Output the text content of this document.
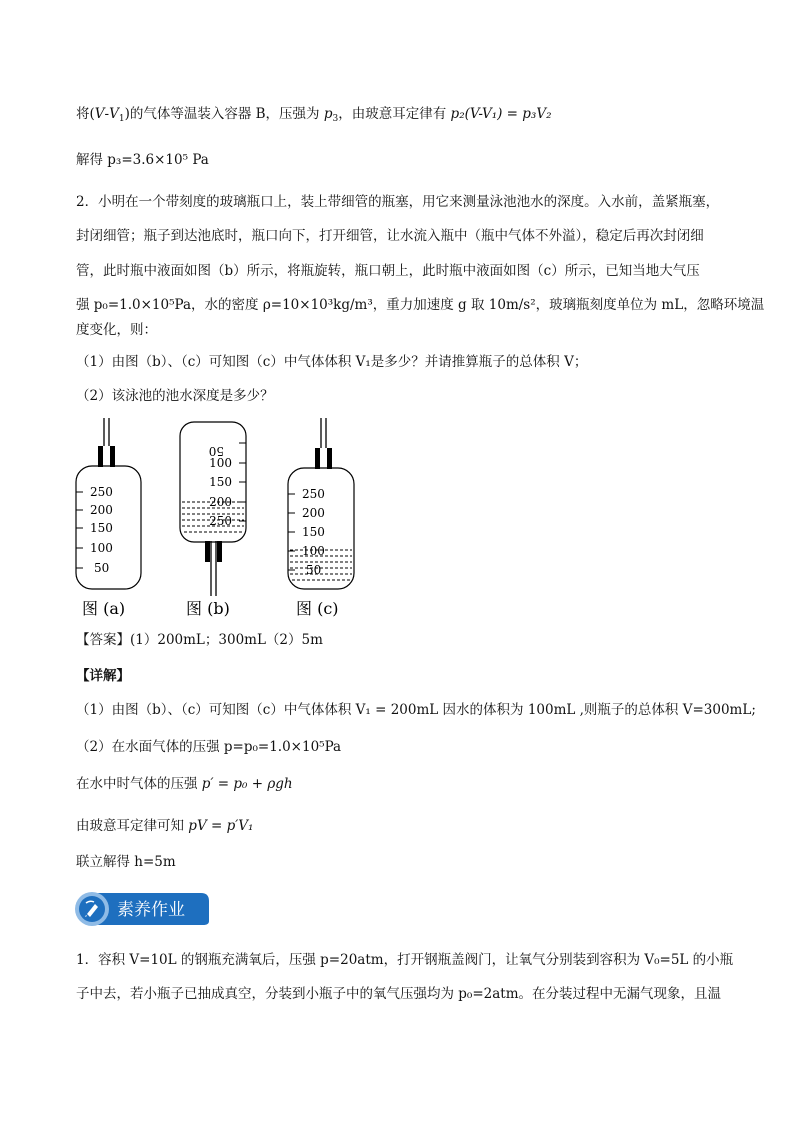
将$(V-V_1)$的气体等温装入容器 B，压强为 $p_3$，由玻意耳定律有 p₂(V-V₁) = p₃V₂
解得 p₃=3.6×10⁵ Pa
2．小明在一个带刻度的玻璃瓶口上，装上带细管的瓶塞，用它来测量泳池池水的深度。入水前，盖紧瓶塞，
封闭细管；瓶子到达池底时，瓶口向下，打开细管，让水流入瓶中（瓶中气体不外溢），稳定后再次封闭细
管，此时瓶中液面如图（b）所示，将瓶旋转，瓶口朝上，此时瓶中液面如图（c）所示，已知当地大气压
强 p₀=1.0×10⁵Pa，水的密度 ρ=10×10³kg/m³，重力加速度 g 取 10m/s²，玻璃瓶刻度单位为 mL，忽略环境温
度变化，则：
（1）由图（b）、（c）可知图（c）中气体体积 V₁是多少？并请推算瓶子的总体积 V；
（2）该泳池的池水深度是多少？
250
200
150
100
50
图 (a)
50
100
150
200
250
图 (b)
250
200
150
100
50
图 (c)
【答案】(1）200mL；300mL（2）5m
【详解】
（1）由图（b）、（c）可知图（c）中气体体积 V₁ = 200mL 因水的体积为 100mL ,则瓶子的总体积 V=300mL;
（2）在水面气体的压强 p=p₀=1.0×10⁵Pa
在水中时气体的压强 p′ = p₀ + ρgh
由玻意耳定律可知 pV = p′V₁
联立解得 h=5m
素养作业
1．容积 V=10L 的钢瓶充满氧后，压强 p=20atm，打开钢瓶盖阀门，让氧气分别装到容积为 V₀=5L 的小瓶
子中去，若小瓶子已抽成真空，分装到小瓶子中的氧气压强均为 p₀=2atm。在分装过程中无漏气现象，且温
